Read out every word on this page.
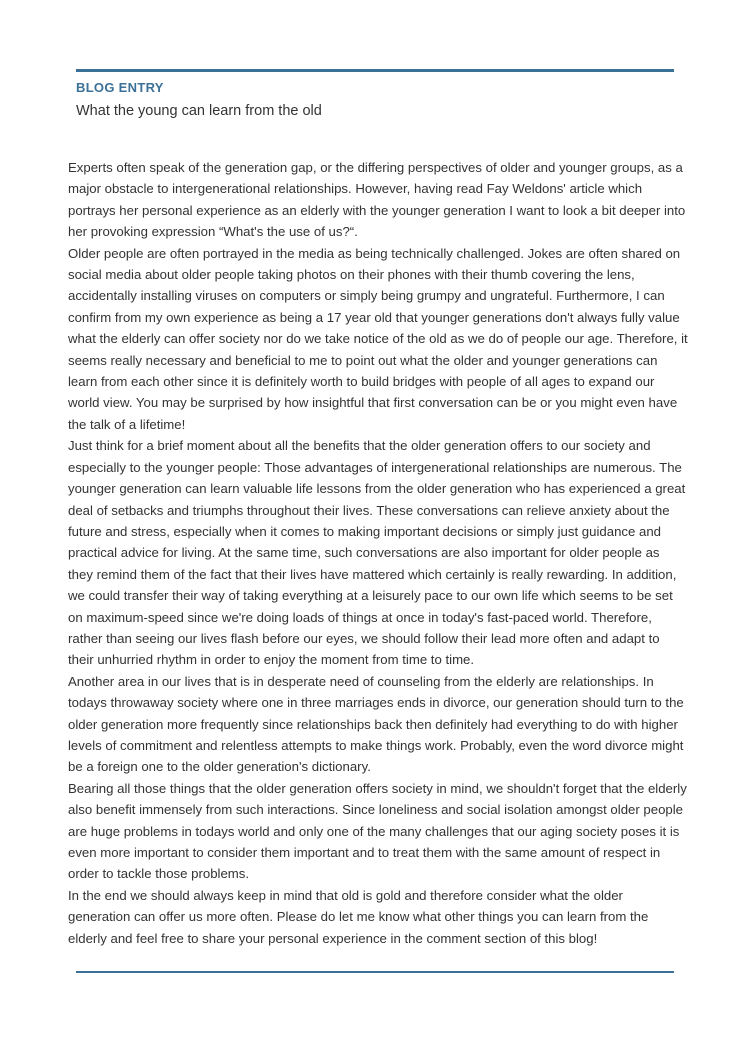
BLOG ENTRY
What the young can learn from the old

Experts often speak of the generation gap, or the differing perspectives of older and younger groups, as a major obstacle to intergenerational relationships. However, having read Fay Weldons' article which portrays her personal experience as an elderly with the younger generation I want to look a bit deeper into her provoking expression “What's the use of us?“.

Older people are often portrayed in the media as being technically challenged. Jokes are often shared on social media about older people taking photos on their phones with their thumb covering the lens, accidentally installing viruses on computers or simply being grumpy and ungrateful. Furthermore, I can confirm from my own experience as being a 17 year old that younger generations don't always fully value what the elderly can offer society nor do we take notice of the old as we do of people our age. Therefore, it seems really necessary and beneficial to me to point out what the older and younger generations can learn from each other since it is definitely worth to build bridges with people of all ages to expand our world view. You may be surprised by how insightful that first conversation can be or you might even have the talk of a lifetime!

Just think for a brief moment about all the benefits that the older generation offers to our society and especially to the younger people: Those advantages of intergenerational relationships are numerous. The younger generation can learn valuable life lessons from the older generation who has experienced a great deal of setbacks and triumphs throughout their lives. These conversations can relieve anxiety about the future and stress, especially when it comes to making important decisions or simply just guidance and practical advice for living. At the same time, such conversations are also important for older people as they remind them of the fact that their lives have mattered which certainly is really rewarding. In addition, we could transfer their way of taking everything at a leisurely pace to our own life which seems to be set on maximum-speed since we're doing loads of things at once in today's fast-paced world. Therefore, rather than seeing our lives flash before our eyes, we should follow their lead more often and adapt to their unhurried rhythm in order to enjoy the moment from time to time.

Another area in our lives that is in desperate need of counseling from the elderly are relationships. In todays throwaway society where one in three marriages ends in divorce, our generation should turn to the older generation more frequently since relationships back then definitely had everything to do with higher levels of commitment and relentless attempts to make things work. Probably, even the word divorce might be a foreign one to the older generation's dictionary.

Bearing all those things that the older generation offers society in mind, we shouldn't forget that the elderly also benefit immensely from such interactions. Since loneliness and social isolation amongst older people are huge problems in todays world and only one of the many challenges that our aging society poses it is even more important to consider them important and to treat them with the same amount of respect in order to tackle those problems.

In the end we should always keep in mind that old is gold and therefore consider what the older generation can offer us more often. Please do let me know what other things you can learn from the elderly and feel free to share your personal experience in the comment section of this blog!
